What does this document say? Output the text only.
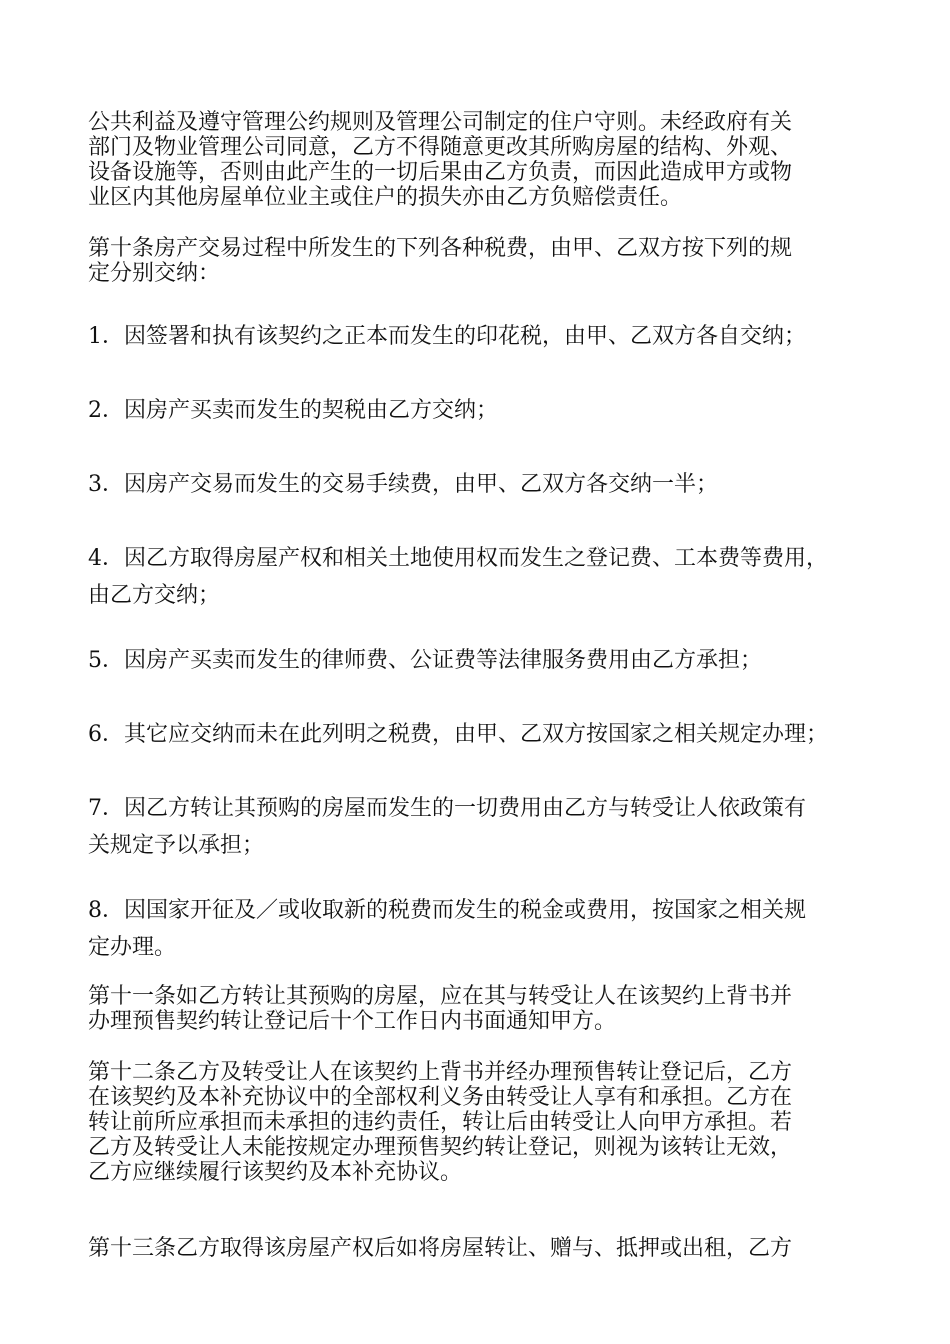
公共利益及遵守管理公约规则及管理公司制定的住户守则。未经政府有关
部门及物业管理公司同意，乙方不得随意更改其所购房屋的结构、外观、
设备设施等，否则由此产生的一切后果由乙方负责，而因此造成甲方或物
业区内其他房屋单位业主或住户的损失亦由乙方负赔偿责任。

第十条房产交易过程中所发生的下列各种税费，由甲、乙双方按下列的规
定分别交纳：

1．因签署和执有该契约之正本而发生的印花税，由甲、乙双方各自交纳；

2．因房产买卖而发生的契税由乙方交纳；

3．因房产交易而发生的交易手续费，由甲、乙双方各交纳一半；

4．因乙方取得房屋产权和相关土地使用权而发生之登记费、工本费等费用，
由乙方交纳；

5．因房产买卖而发生的律师费、公证费等法律服务费用由乙方承担；

6．其它应交纳而未在此列明之税费，由甲、乙双方按国家之相关规定办理；

7．因乙方转让其预购的房屋而发生的一切费用由乙方与转受让人依政策有
关规定予以承担；

8．因国家开征及／或收取新的税费而发生的税金或费用，按国家之相关规
定办理。

第十一条如乙方转让其预购的房屋，应在其与转受让人在该契约上背书并
办理预售契约转让登记后十个工作日内书面通知甲方。

第十二条乙方及转受让人在该契约上背书并经办理预售转让登记后，乙方
在该契约及本补充协议中的全部权利义务由转受让人享有和承担。乙方在
转让前所应承担而未承担的违约责任，转让后由转受让人向甲方承担。若
乙方及转受让人未能按规定办理预售契约转让登记，则视为该转让无效，
乙方应继续履行该契约及本补充协议。

第十三条乙方取得该房屋产权后如将房屋转让、赠与、抵押或出租，乙方
